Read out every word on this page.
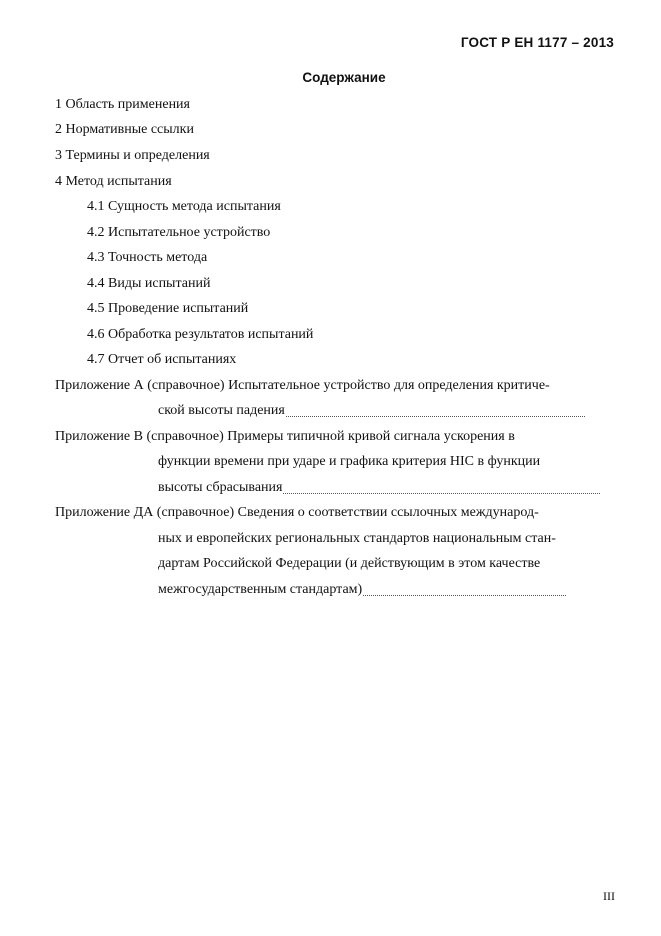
ГОСТ Р ЕН 1177 – 2013
Содержание
1 Область применения
2 Нормативные ссылки
3 Термины и определения
4 Метод испытания
4.1 Сущность метода испытания
4.2 Испытательное устройство
4.3 Точность метода
4.4 Виды испытаний
4.5 Проведение испытаний
4.6 Обработка результатов испытаний
4.7 Отчет об испытаниях
Приложение А (справочное) Испытательное устройство для определения критиче-
ской высоты падения
Приложение В (справочное) Примеры типичной кривой сигнала ускорения в
функции времени при ударе и графика критерия HIC в функции
высоты сбрасывания
Приложение ДА (справочное) Сведения о соответствии ссылочных международ-
ных и европейских региональных стандартов национальным стан-
дартам Российской Федерации (и действующим в этом качестве
межгосударственным стандартам)
III
